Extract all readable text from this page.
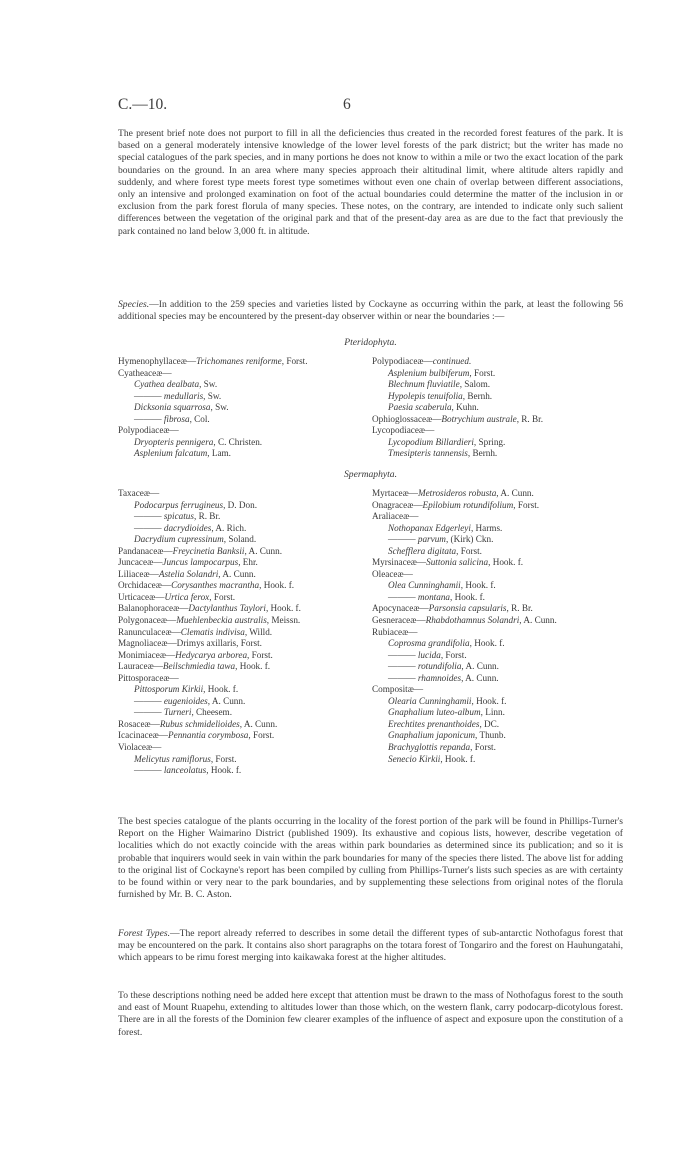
C.—10.	6

The present brief note does not purport to fill in all the deficiencies thus created in the recorded forest features of the park. It is based on a general moderately intensive knowledge of the lower level forests of the park district; but the writer has made no special catalogues of the park species, and in many portions he does not know to within a mile or two the exact location of the park boundaries on the ground. In an area where many species approach their altitudinal limit, where altitude alters rapidly and suddenly, and where forest type meets forest type sometimes without even one chain of overlap between different associations, only an intensive and prolonged examination on foot of the actual boundaries could determine the matter of the inclusion in or exclusion from the park forest florula of many species. These notes, on the contrary, are intended to indicate only such salient differences between the vegetation of the original park and that of the present-day area as are due to the fact that previously the park contained no land below 3,000 ft. in altitude.

Species.—In addition to the 259 species and varieties listed by Cockayne as occurring within the park, at least the following 56 additional species may be encountered by the present-day observer within or near the boundaries :—

Pteridophyta.

Hymenophyllaceæ—Trichomanes reniforme, Forst.
Cyatheaceæ—
Cyathea dealbata, Sw.
——— medullaris, Sw.
Dicksonia squarrosa, Sw.
——— fibrosa, Col.
Polypodiaceæ—
Dryopteris pennigera, C. Christen.
Asplenium falcatum, Lam.
Polypodiaceæ—continued.
Asplenium bulbiferum, Forst.
Blechnum fluviatile, Salom.
Hypolepis tenuifolia, Bernh.
Paesia scaberula, Kuhn.
Ophioglossaceæ—Botrychium australe, R. Br.
Lycopodiaceæ—
Lycopodium Billardieri, Spring.
Tmesipteris tannensis, Bernh.

Spermaphyta.

Taxaceæ—
Podocarpus ferrugineus, D. Don.
——— spicatus, R. Br.
——— dacrydioides, A. Rich.
Dacrydium cupressinum, Soland.
Pandanaceæ—Freycinetia Banksii, A. Cunn.
Juncaceæ—Juncus lampocarpus, Ehr.
Liliaceæ—Astelia Solandri, A. Cunn.
Orchidaceæ—Corysanthes macrantha, Hook. f.
Urticaceæ—Urtica ferox, Forst.
Balanophoraceæ—Dactylanthus Taylori, Hook. f.
Polygonaceæ—Muehlenbeckia australis, Meissn.
Ranunculaceæ—Clematis indivisa, Willd.
Magnoliaceæ—Drimys axillaris, Forst.
Monimiaceæ—Hedycarya arborea, Forst.
Lauraceæ—Beilschmiedia tawa, Hook. f.
Pittosporaceæ—
Pittosporum Kirkii, Hook. f.
——— eugenioides, A. Cunn.
——— Turneri, Cheesem.
Rosaceæ—Rubus schmidelioides, A. Cunn.
Icacinaceæ—Pennantia corymbosa, Forst.
Violaceæ—
Melicytus ramiflorus, Forst.
——— lanceolatus, Hook. f.
Myrtaceæ—Metrosideros robusta, A. Cunn.
Onagraceæ—Epilobium rotundifolium, Forst.
Araliaceæ—
Nothopanax Edgerleyi, Harms.
——— parvum, (Kirk) Ckn.
Schefflera digitata, Forst.
Myrsinaceæ—Suttonia salicina, Hook. f.
Oleaceæ—
Olea Cunninghamii, Hook. f.
——— montana, Hook. f.
Apocynaceæ—Parsonsia capsularis, R. Br.
Gesneraceæ—Rhabdothamnus Solandri, A. Cunn.
Rubiaceæ—
Coprosma grandifolia, Hook. f.
——— lucida, Forst.
——— rotundifolia, A. Cunn.
——— rhamnoides, A. Cunn.
Compositæ—
Olearia Cunninghamii, Hook. f.
Gnaphalium luteo-album, Linn.
Erechtites prenanthoides, DC.
Gnaphalium japonicum, Thunb.
Brachyglottis repanda, Forst.
Senecio Kirkii, Hook. f.

The best species catalogue of the plants occurring in the locality of the forest portion of the park will be found in Phillips-Turner's Report on the Higher Waimarino District (published 1909). Its exhaustive and copious lists, however, describe vegetation of localities which do not exactly coincide with the areas within park boundaries as determined since its publication; and so it is probable that inquirers would seek in vain within the park boundaries for many of the species there listed. The above list for adding to the original list of Cockayne's report has been compiled by culling from Phillips-Turner's lists such species as are with certainty to be found within or very near to the park boundaries, and by supplementing these selections from original notes of the florula furnished by Mr. B. C. Aston.

Forest Types.—The report already referred to describes in some detail the different types of sub-antarctic Nothofagus forest that may be encountered on the park. It contains also short paragraphs on the totara forest of Tongariro and the forest on Hauhungatahi, which appears to be rimu forest merging into kaikawaka forest at the higher altitudes.

To these descriptions nothing need be added here except that attention must be drawn to the mass of Nothofagus forest to the south and east of Mount Ruapehu, extending to altitudes lower than those which, on the western flank, carry podocarp-dicotylous forest. There are in all the forests of the Dominion few clearer examples of the influence of aspect and exposure upon the constitution of a forest.
